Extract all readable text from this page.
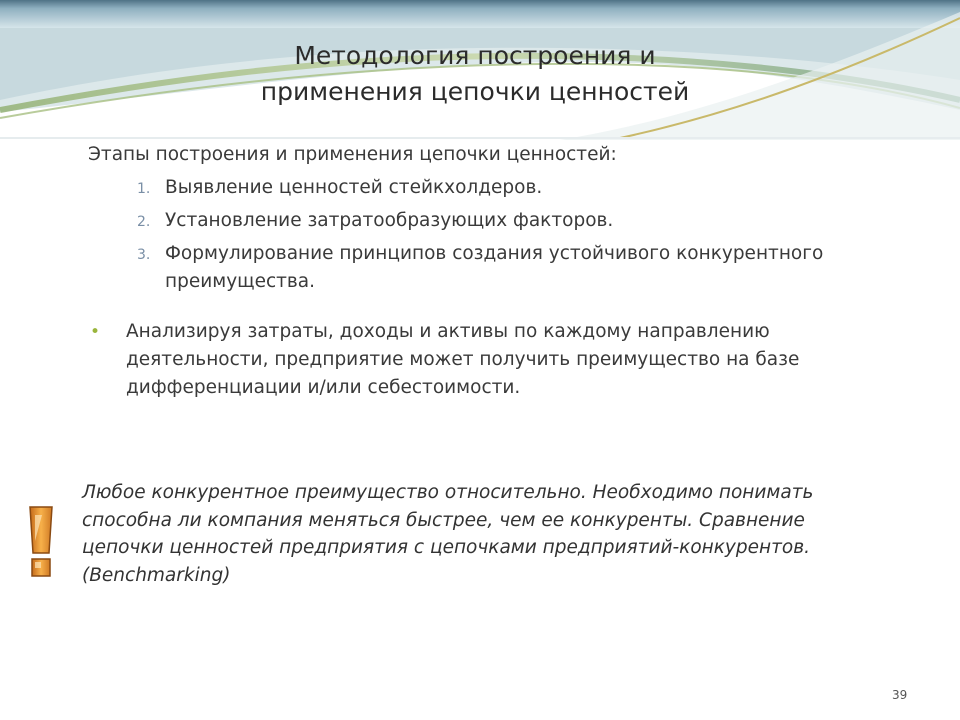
Методология построения и
применения цепочки ценностей

Этапы построения и применения цепочки ценностей:

1. Выявление ценностей стейкхолдеров.
2. Установление затратообразующих факторов.
3. Формулирование принципов создания устойчивого конкурентного преимущества.
• Анализируя затраты, доходы и активы по каждому направлению деятельности, предприятие может получить преимущество на базе дифференциации и/или себестоимости.
Любое конкурентное преимущество относительно. Необходимо понимать способна ли компания меняться быстрее, чем ее конкуренты. Сравнение цепочки ценностей предприятия с цепочками предприятий-конкурентов. (Benchmarking)
39
